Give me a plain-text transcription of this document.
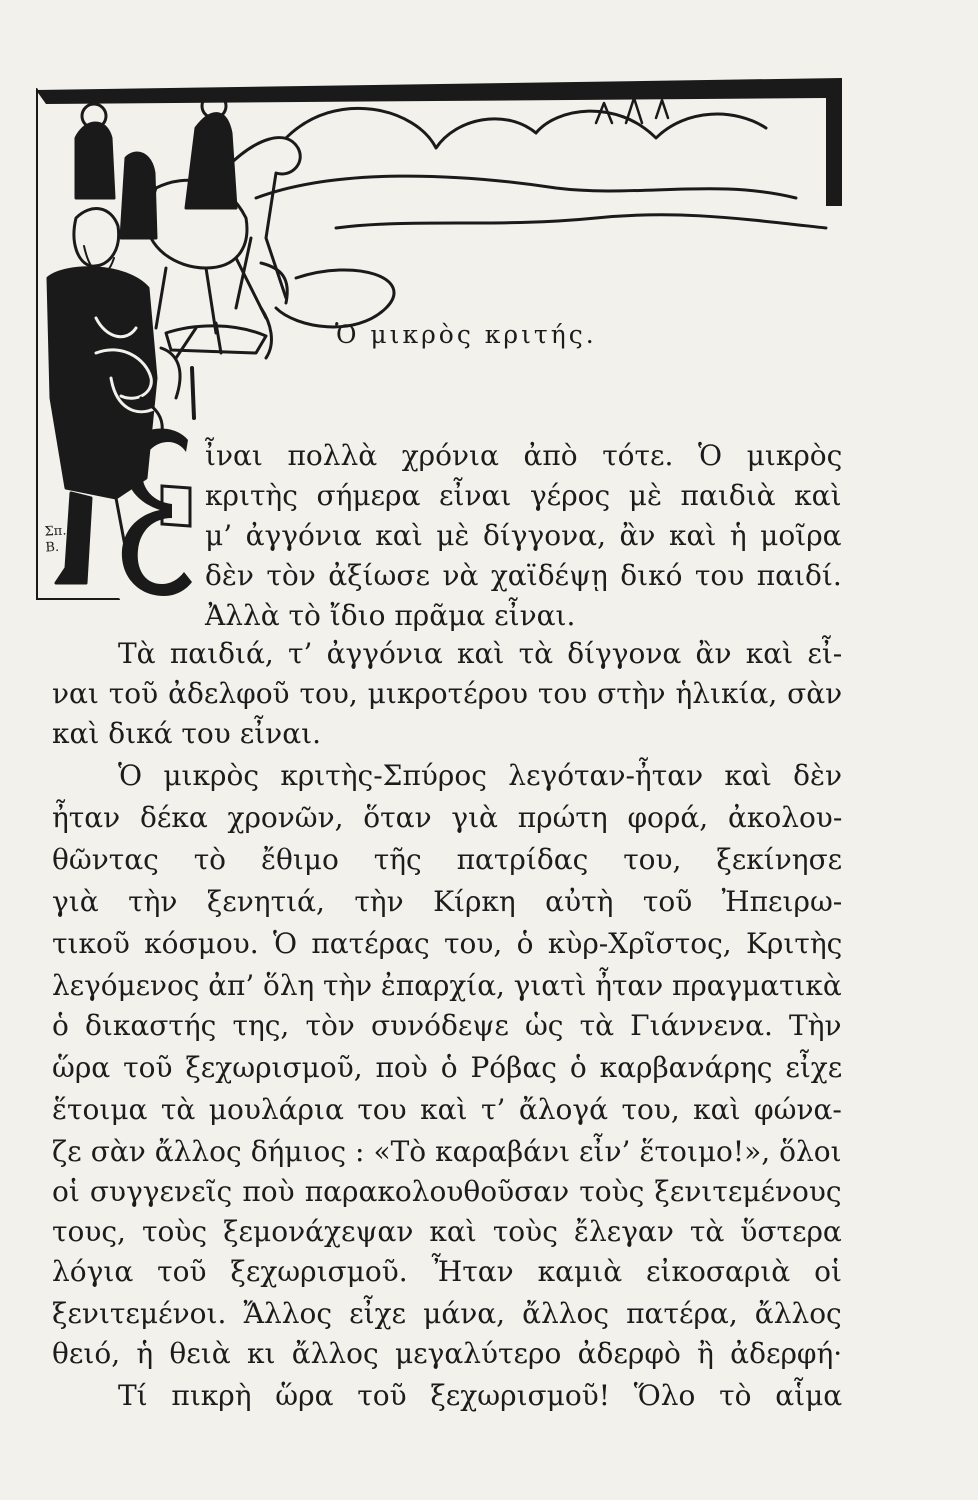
Ὁ μικρὸς κριτής.
Σπ.
Β.
ἶναι πολλὰ χρόνια ἀπὸ τότε. Ὁ μικρὸς
κριτὴς σήμερα εἶναι γέρος μὲ παιδιὰ καὶ
μ’ ἀγγόνια καὶ μὲ δίγγονα, ἂν καὶ ἡ μοῖρα
δὲν τὸν ἀξίωσε νὰ χαϊδέψῃ δικό του παιδί.
Ἀλλὰ τὸ ἴδιο πρᾶμα εἶναι.
Τὰ παιδιά, τ’ ἀγγόνια καὶ τὰ δίγγονα ἂν καὶ εἶ-
ναι τοῦ ἀδελφοῦ του, μικροτέρου του στὴν ἡλικία, σὰν
καὶ δικά του εἶναι.
Ὁ μικρὸς κριτὴς-Σπύρος λεγόταν-ἦταν καὶ δὲν
ἦταν δέκα χρονῶν, ὅταν γιὰ πρώτη φορά, ἀκολου-
θῶντας τὸ ἔθιμο τῆς πατρίδας του, ξεκίνησε
γιὰ τὴν ξενητιά, τὴν Κίρκη αὐτὴ τοῦ Ἠπειρω-
τικοῦ κόσμου. Ὁ πατέρας του, ὁ κὺρ-Χρῖστος, Κριτὴς
λεγόμενος ἀπ’ ὅλη τὴν ἐπαρχία, γιατὶ ἦταν πραγματικὰ
ὁ δικαστής της, τὸν συνόδεψε ὡς τὰ Γιάννενα. Τὴν
ὥρα τοῦ ξεχωρισμοῦ, ποὺ ὁ Ρόβας ὁ καρβανάρης εἶχε
ἕτοιμα τὰ μουλάρια του καὶ τ’ ἄλογά του, καὶ φώνα-
ζε σὰν ἄλλος δήμιος : «Τὸ καραβάνι εἶν’ ἕτοιμο!», ὅλοι
οἱ συγγενεῖς ποὺ παρακολουθοῦσαν τοὺς ξενιτεμένους
τους, τοὺς ξεμονάχεψαν καὶ τοὺς ἔλεγαν τὰ ὕστερα
λόγια τοῦ ξεχωρισμοῦ. Ἦταν καμιὰ εἰκοσαριὰ οἱ
ξενιτεμένοι. Ἄλλος εἶχε μάνα, ἄλλος πατέρα, ἄλλος
θειό, ἡ θειὰ κι ἄλλος μεγαλύτερο ἀδερφὸ ἢ ἀδερφή·
Τί πικρὴ ὥρα τοῦ ξεχωρισμοῦ! Ὅλο τὸ αἷμα
